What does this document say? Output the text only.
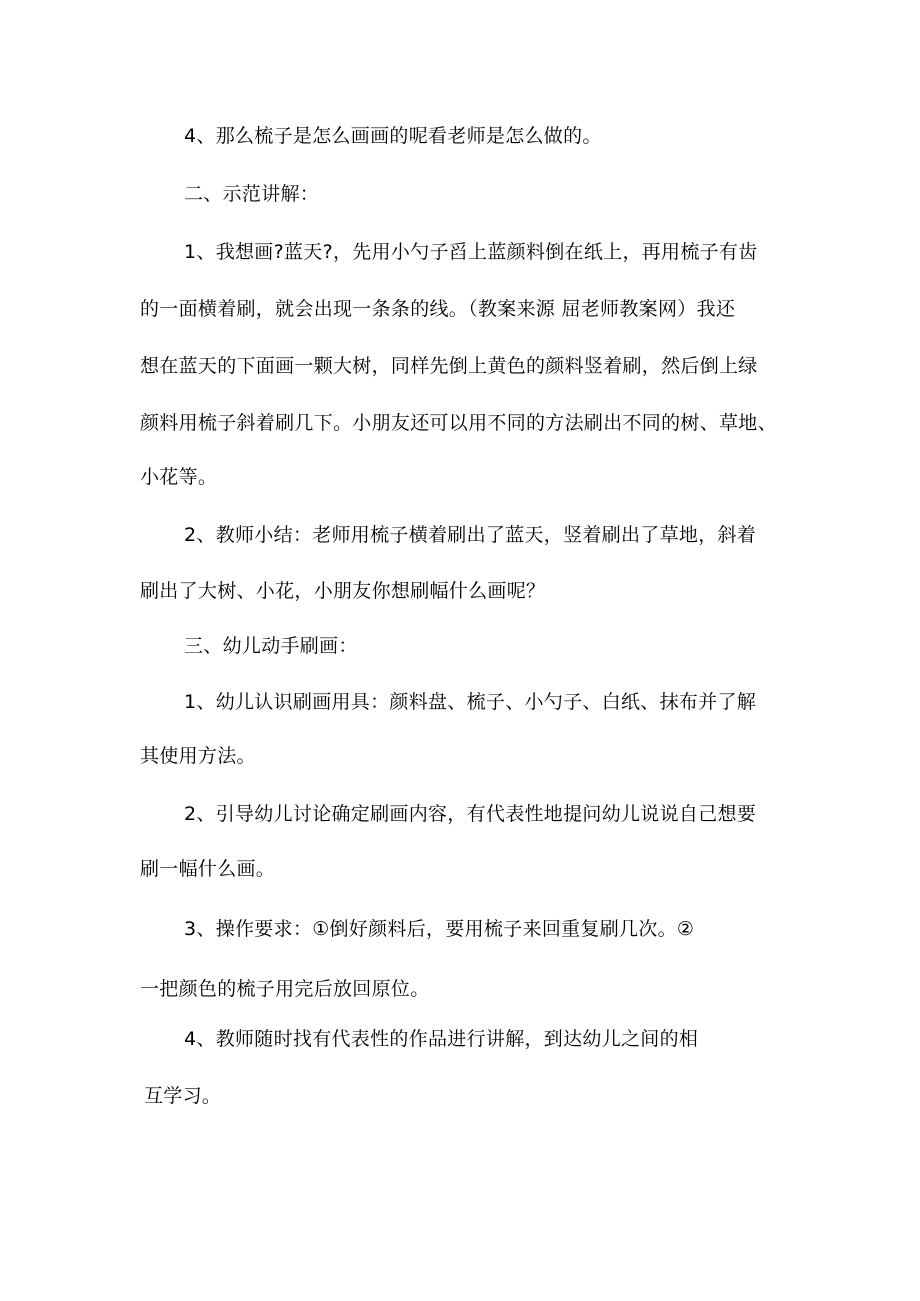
4、那么梳子是怎么画画的呢看老师是怎么做的。
二、示范讲解：
1、我想画?蓝天?，先用小勺子舀上蓝颜料倒在纸上，再用梳子有齿
的一面横着刷，就会出现一条条的线。（教案来源 屈老师教案网）我还
想在蓝天的下面画一颗大树，同样先倒上黄色的颜料竖着刷，然后倒上绿
颜料用梳子斜着刷几下。小朋友还可以用不同的方法刷出不同的树、草地、
小花等。
2、教师小结：老师用梳子横着刷出了蓝天，竖着刷出了草地，斜着
刷出了大树、小花，小朋友你想刷幅什么画呢？
三、幼儿动手刷画：
1、幼儿认识刷画用具：颜料盘、梳子、小勺子、白纸、抹布并了解
其使用方法。
2、引导幼儿讨论确定刷画内容，有代表性地提问幼儿说说自己想要
刷一幅什么画。
3、操作要求：①倒好颜料后，要用梳子来回重复刷几次。②
一把颜色的梳子用完后放回原位。
4、教师随时找有代表性的作品进行讲解，到达幼儿之间的相
互学习。
